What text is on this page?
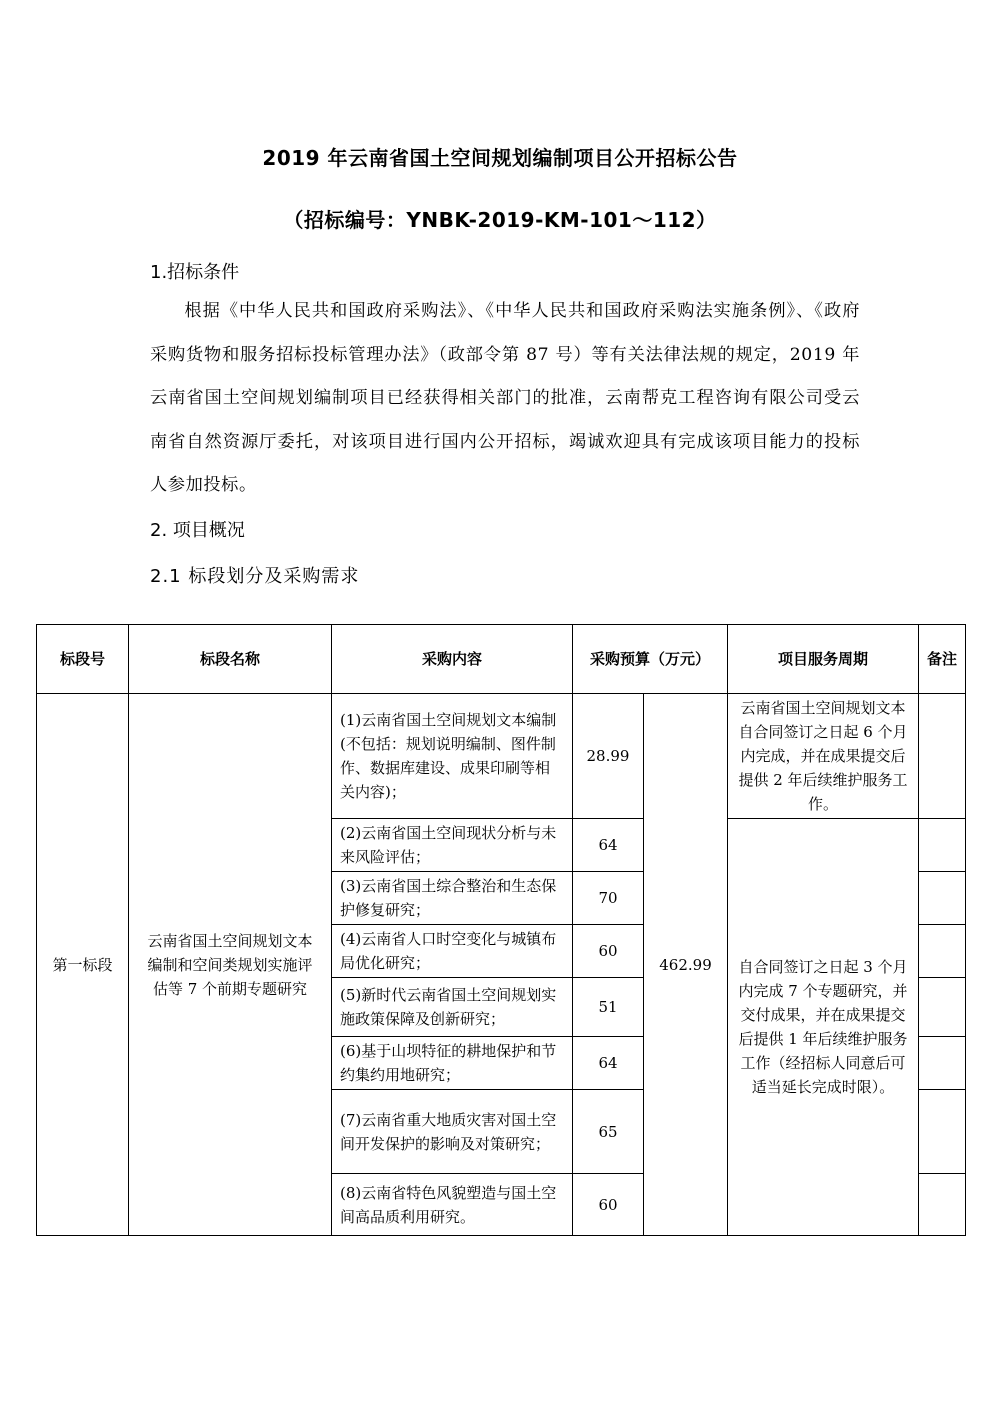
2019 年云南省国土空间规划编制项目公开招标公告
（招标编号：YNBK-2019-KM-101～112）
1.招标条件
根据《中华人民共和国政府采购法》、《中华人民共和国政府采购法实施条例》、《政府采购货物和服务招标投标管理办法》（政部令第 87 号）等有关法律法规的规定，2019 年云南省国土空间规划编制项目已经获得相关部门的批准，云南帮克工程咨询有限公司受云南省自然资源厅委托，对该项目进行国内公开招标，竭诚欢迎具有完成该项目能力的投标人参加投标。
2. 项目概况
2.1 标段划分及采购需求
标段号	标段名称	采购内容	采购预算（万元）		项目服务周期	备注
第一标段	云南省国土空间规划文本编制和空间类规划实施评估等 7 个前期专题研究	(1)云南省国土空间规划文本编制(不包括：规划说明编制、图件制作、数据库建设、成果印刷等相关内容)；	28.99	462.99	云南省国土空间规划文本自合同签订之日起 6 个月内完成，并在成果提交后提供 2 年后续维护服务工作。	
		(2)云南省国土空间现状分析与未来风险评估；	64		自合同签订之日起 3 个月内完成 7 个专题研究，并交付成果，并在成果提交后提供 1 年后续维护服务工作（经招标人同意后可适当延长完成时限）。	
		(3)云南省国土综合整治和生态保护修复研究；	70			
		(4)云南省人口时空变化与城镇布局优化研究；	60			
		(5)新时代云南省国土空间规划实施政策保障及创新研究；	51			
		(6)基于山坝特征的耕地保护和节约集约用地研究；	64			
		(7)云南省重大地质灾害对国土空间开发保护的影响及对策研究；	65			
		(8)云南省特色风貌塑造与国土空间高品质利用研究。	60			
